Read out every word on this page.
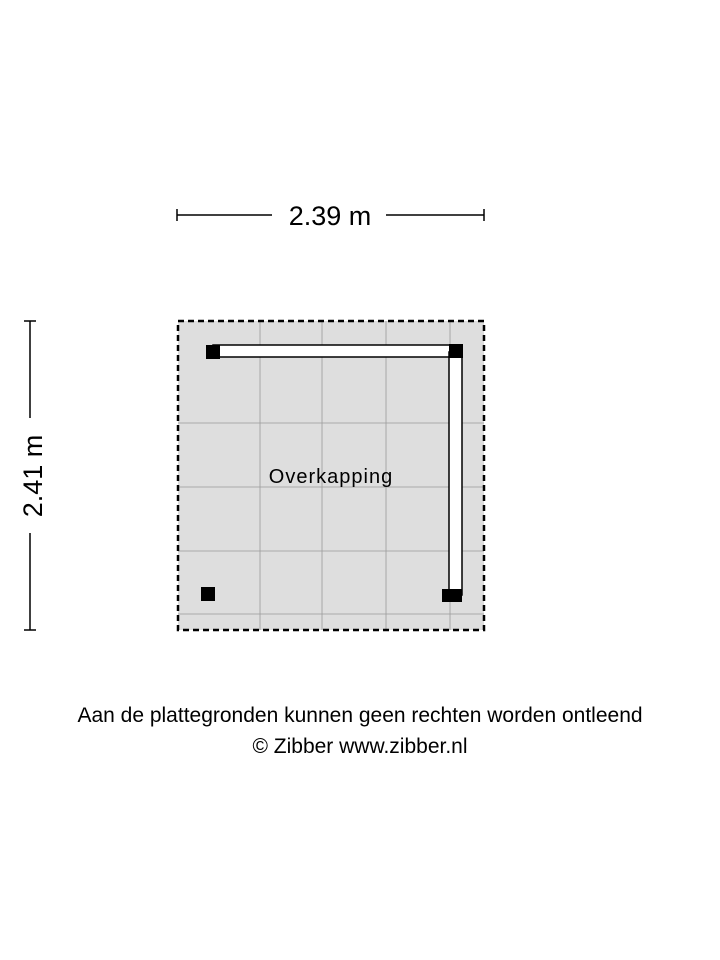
2.39 m
2.41 m	Overkapping
Aan de plattegronden kunnen geen rechten worden ontleend
© Zibber www.zibber.nl
